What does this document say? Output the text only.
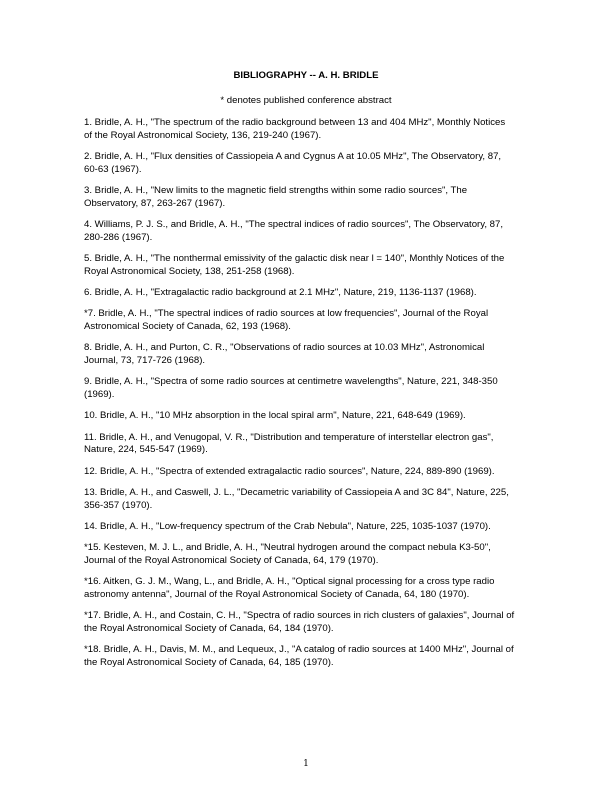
BIBLIOGRAPHY -- A. H. BRIDLE
* denotes published conference abstract
1. Bridle, A. H., "The spectrum of the radio background between 13 and 404 MHz", Monthly Notices
of the Royal Astronomical Society, 136, 219-240 (1967).
2. Bridle, A. H., "Flux densities of Cassiopeia A and Cygnus A at 10.05 MHz", The Observatory, 87,
60-63 (1967).
3. Bridle, A. H., "New limits to the magnetic field strengths within some radio sources", The
Observatory, 87, 263-267 (1967).
4. Williams, P. J. S., and Bridle, A. H., "The spectral indices of radio sources", The Observatory, 87,
280-286 (1967).
5. Bridle, A. H., "The nonthermal emissivity of the galactic disk near l = 140", Monthly Notices of the
Royal Astronomical Society, 138, 251-258 (1968).
6. Bridle, A. H., "Extragalactic radio background at 2.1 MHz", Nature, 219, 1136-1137 (1968).
*7. Bridle, A. H., "The spectral indices of radio sources at low frequencies", Journal of the Royal
Astronomical Society of Canada, 62, 193 (1968).
8. Bridle, A. H., and Purton, C. R., "Observations of radio sources at 10.03 MHz", Astronomical
Journal, 73, 717-726 (1968).
9. Bridle, A. H., "Spectra of some radio sources at centimetre wavelengths", Nature, 221, 348-350
(1969).
10. Bridle, A. H., "10 MHz absorption in the local spiral arm", Nature, 221, 648-649 (1969).
11. Bridle, A. H., and Venugopal, V. R., "Distribution and temperature of interstellar electron gas",
Nature, 224, 545-547 (1969).
12. Bridle, A. H., "Spectra of extended extragalactic radio sources", Nature, 224, 889-890 (1969).
13. Bridle, A. H., and Caswell, J. L., "Decametric variability of Cassiopeia A and 3C 84", Nature, 225,
356-357 (1970).
14. Bridle, A. H., "Low-frequency spectrum of the Crab Nebula", Nature, 225, 1035-1037 (1970).
*15. Kesteven, M. J. L., and Bridle, A. H., "Neutral hydrogen around the compact nebula K3-50",
Journal of the Royal Astronomical Society of Canada, 64, 179 (1970).
*16. Aitken, G. J. M., Wang, L., and Bridle, A. H., "Optical signal processing for a cross type radio
astronomy antenna", Journal of the Royal Astronomical Society of Canada, 64, 180 (1970).
*17. Bridle, A. H., and Costain, C. H., "Spectra of radio sources in rich clusters of galaxies", Journal of
the Royal Astronomical Society of Canada, 64, 184 (1970).
*18. Bridle, A. H., Davis, M. M., and Lequeux, J., "A catalog of radio sources at 1400 MHz", Journal of
the Royal Astronomical Society of Canada, 64, 185 (1970).
1
